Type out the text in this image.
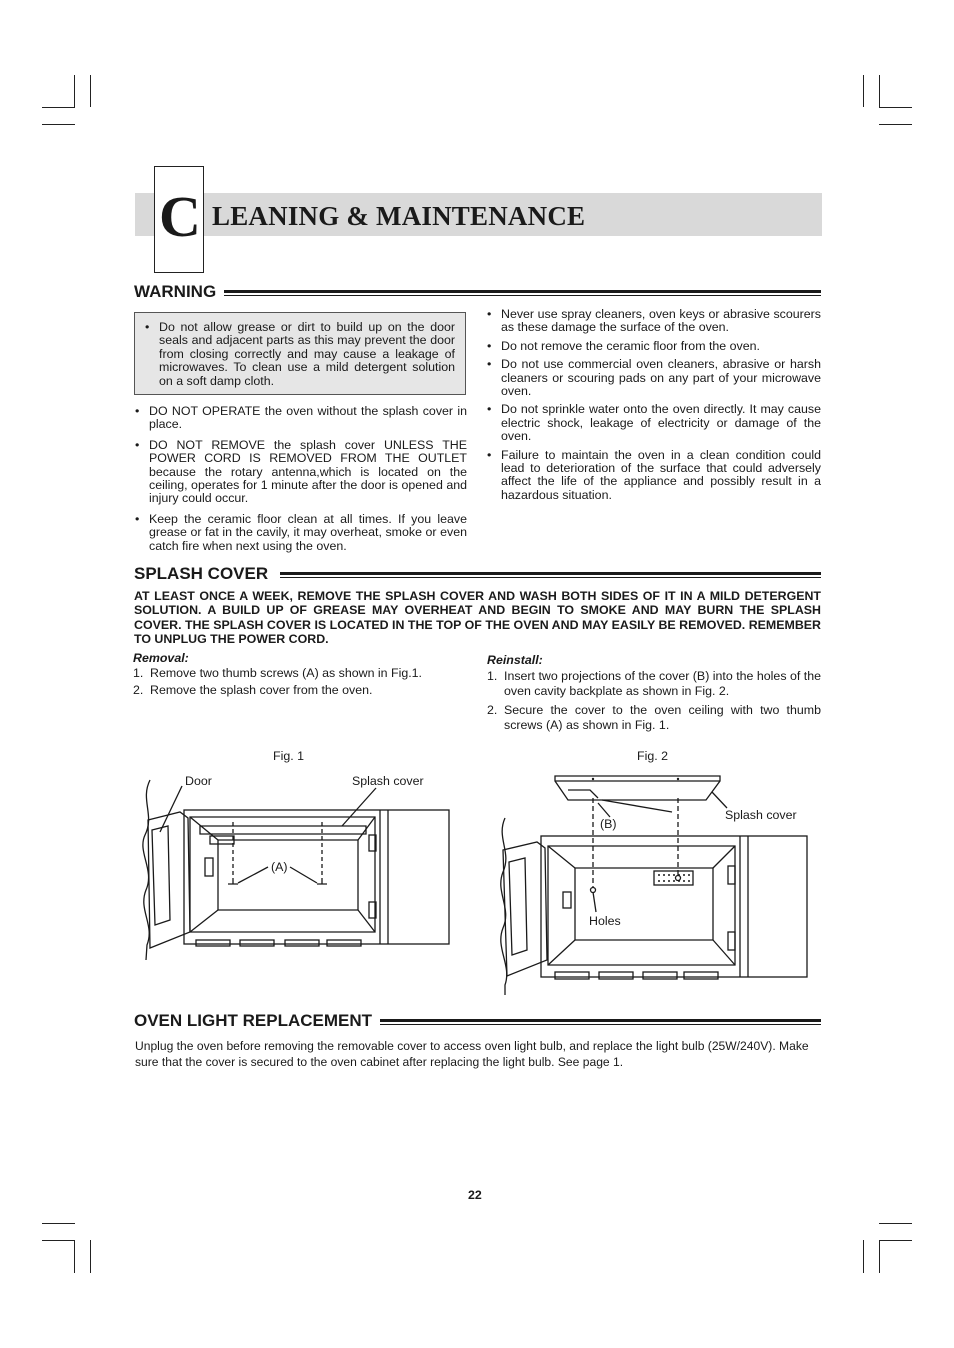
C LEANING & MAINTENANCE
WARNING
• Do not allow grease or dirt to build up on the door seals and adjacent parts as this may prevent the door from closing correctly and may cause a leakage of microwaves. To clean use a mild detergent solution on a soft damp cloth.
• DO NOT OPERATE the oven without the splash cover in place.
• DO NOT REMOVE the splash cover UNLESS THE POWER CORD IS REMOVED FROM THE OUTLET because the rotary antenna,which is located on the ceiling, operates for 1 minute after the door is opened and injury could occur.
• Keep the ceramic floor clean at all times. If you leave grease or fat in the cavily, it may overheat, smoke or even catch fire when next using the oven.
• Never use spray cleaners, oven keys or abrasive scourers as these damage the surface of the oven.
• Do not remove the ceramic floor from the oven.
• Do not use commercial oven cleaners, abrasive or harsh cleaners or scouring pads on any part of your microwave oven.
• Do not sprinkle water onto the oven directly. It may cause electric shock, leakage of electricity or damage of the oven.
• Failure to maintain the oven in a clean condition could lead to deterioration of the surface that could adversely affect the life of the appliance and possibly result in a hazardous situation.
SPLASH COVER
AT LEAST ONCE A WEEK, REMOVE THE SPLASH COVER AND WASH BOTH SIDES OF IT IN A MILD DETERGENT SOLUTION. A BUILD UP OF GREASE MAY OVERHEAT AND BEGIN TO SMOKE AND MAY BURN THE SPLASH COVER. THE SPLASH COVER IS LOCATED IN THE TOP OF THE OVEN AND MAY EASILY BE REMOVED. REMEMBER TO UNPLUG THE POWER CORD.
Removal:
1. Remove two thumb screws (A) as shown in Fig.1.
2. Remove the splash cover from the oven.
Reinstall:
1. Insert two projections of the cover (B) into the holes of the oven cavity backplate as shown in Fig. 2.
2. Secure the cover to the oven ceiling with two thumb screws (A) as shown in Fig. 1.
Fig. 1
Door	Splash cover
(A)
Fig. 2
(B)
Splash cover
Holes
OVEN LIGHT REPLACEMENT
Unplug the oven before removing the removable cover to access oven light bulb, and replace the light bulb (25W/240V). Make sure that the cover is secured to the oven cabinet after replacing the light bulb. See page 1.
22
